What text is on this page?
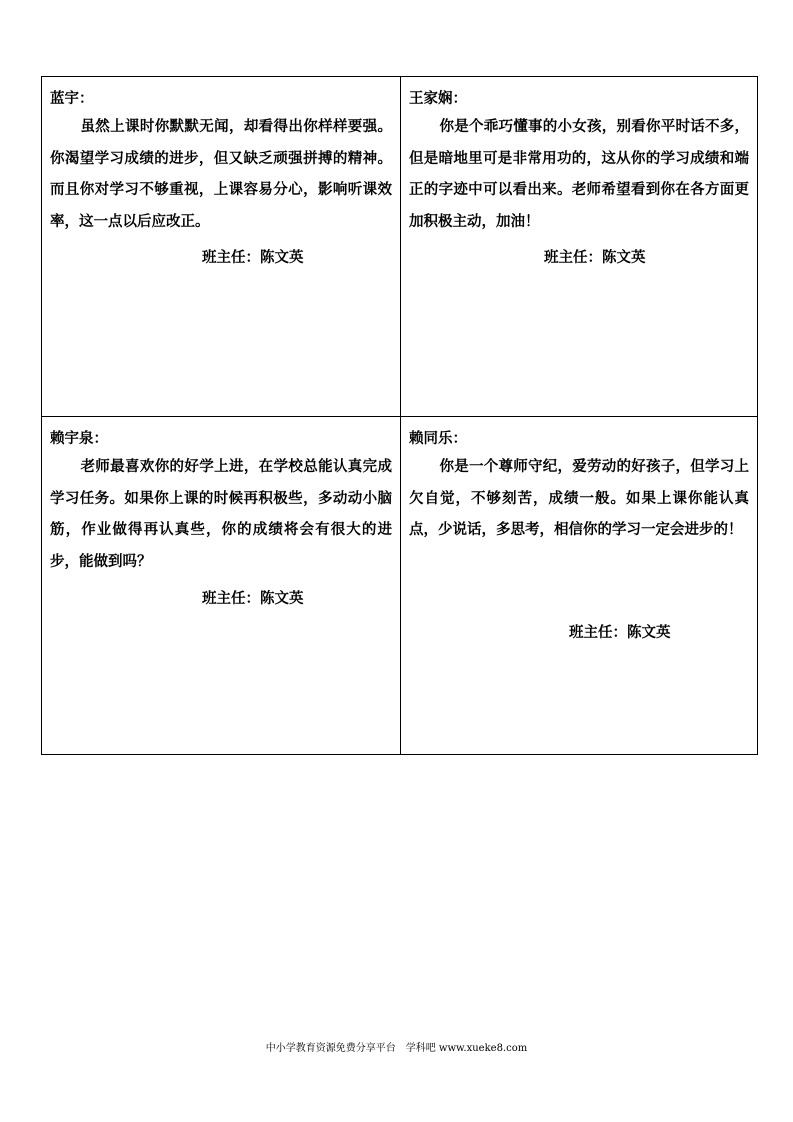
蓝宇：

虽然上课时你默默无闻，却看得出你样样要强。你渴望学习成绩的进步，但又缺乏顽强拼搏的精神。而且你对学习不够重视，上课容易分心，影响听课效率，这一点以后应改正。

班主任：陈文英
王家娴：

你是个乖巧懂事的小女孩，别看你平时话不多，但是暗地里可是非常用功的，这从你的学习成绩和端正的字迹中可以看出来。老师希望看到你在各方面更加积极主动，加油！

班主任：陈文英
赖宇泉：

老师最喜欢你的好学上进，在学校总能认真完成学习任务。如果你上课的时候再积极些，多动动小脑筋，作业做得再认真些，你的成绩将会有很大的进步，能做到吗？

班主任：陈文英
赖同乐：

你是一个尊师守纪，爱劳动的好孩子，但学习上欠自觉，不够刻苦，成绩一般。如果上课你能认真点，少说话，多思考，相信你的学习一定会进步的！

班主任：陈文英
中小学教育资源免费分享平台　学科吧 www.xueke8.com
